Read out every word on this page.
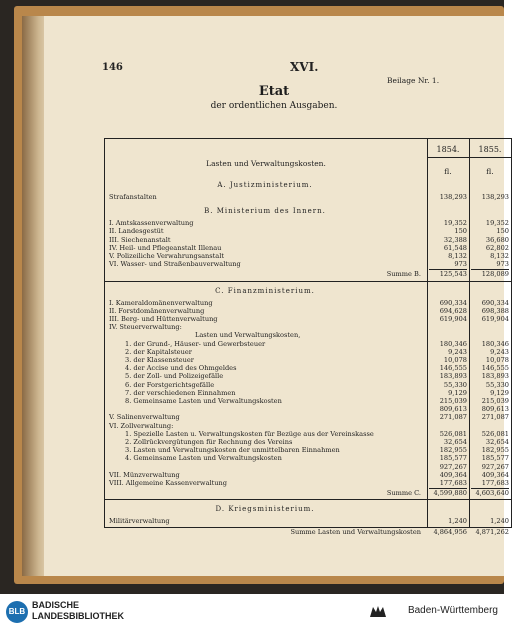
146	XVI.
Beilage Nr. 1.
Etat
der ordentlichen Ausgaben.
Lasten und Verwaltungskosten.
1854.	1855.
fl.	fl.
A. Justizministerium.
Strafanstalten	138,293	138,293
B. Ministerium des Innern.
I. Amtskassenverwaltung	19,352	19,352
II. Landesgestüt	150	150
III. Siechenanstalt	32,388	36,680
IV. Heil- und Pflegeanstalt Illenau	61,548	62,802
V. Polizeiliche Verwahrungsanstalt	8,132	8,132
VI. Wasser- und Straßenbauverwaltung	973	973
Summe B.	125,543	128,089
C. Finanzministerium.
I. Kameraldomänenverwaltung	690,334	690,334
II. Forstdomänenverwaltung	694,628	698,388
III. Berg- und Hüttenverwaltung	619,904	619,904
IV. Steuerverwaltung:
Lasten und Verwaltungskosten,
1. der Grund-, Häuser- und Gewerbsteuer	180,346	180,346
2. der Kapitalsteuer	9,243	9,243
3. der Klassensteuer	10,078	10,078
4. der Accise und des Ohmgeldes	146,555	146,555
5. der Zoll- und Polizeigefälle	183,893	183,893
6. der Forstgerichtsgefälle	55,330	55,330
7. der verschiedenen Einnahmen	9,129	9,129
8. Gemeinsame Lasten und Verwaltungskosten	215,039	215,039
809,613	809,613
V. Salinenverwaltung	271,087	271,087
VI. Zollverwaltung:
1. Spezielle Lasten u. Verwaltungskosten für Bezüge aus der Vereinskasse	526,081	526,081
2. Zollrückvergütungen für Rechnung des Vereins	32,654	32,654
3. Lasten und Verwaltungskosten der unmittelbaren Einnahmen	182,955	182,955
4. Gemeinsame Lasten und Verwaltungskosten	185,577	185,577
927,267	927,267
VII. Münzverwaltung	409,364	409,364
VIII. Allgemeine Kassenverwaltung	177,683	177,683
Summe C.	4,599,880	4,603,640
D. Kriegsministerium.
Militärverwaltung	1,240	1,240
Summe Lasten und Verwaltungskosten	4,864,956	4,871,262
BLB
BADISCHE
LANDESBIBLIOTHEK	Baden-Württemberg
